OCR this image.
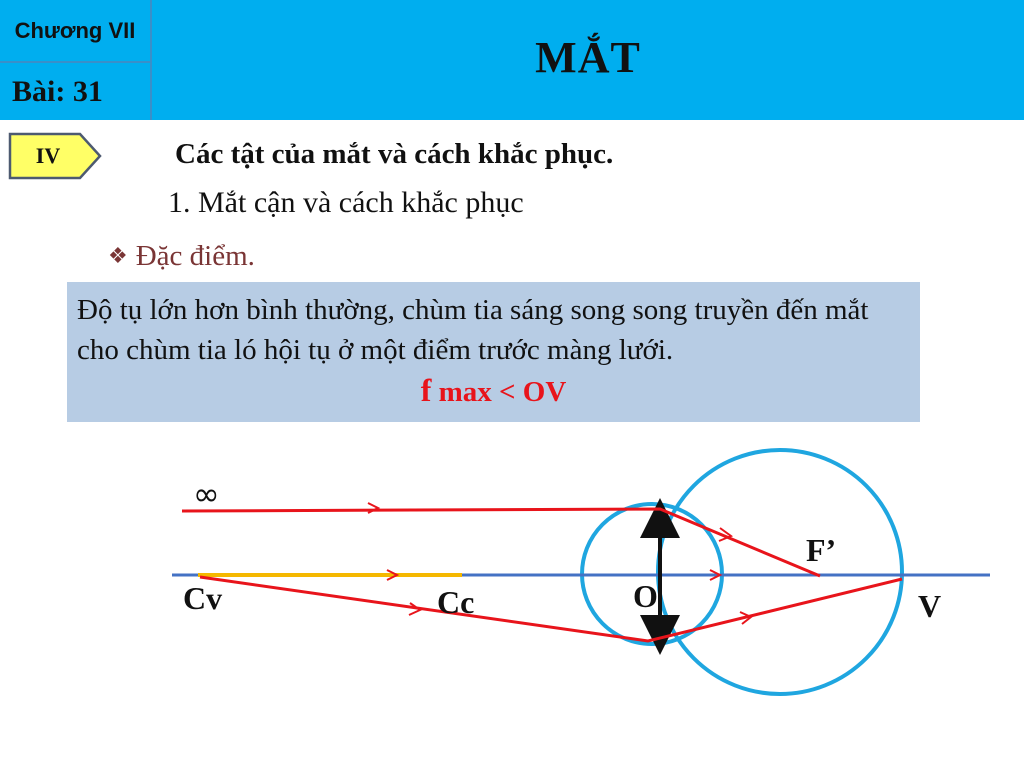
Chương VII
Bài: 31
MẮT
IV	Các tật của mắt và cách khắc phục.
1. Mắt cận và cách khắc phục
❖ Đặc điểm.
Độ tụ lớn hơn bình thường, chùm tia sáng song song truyền đến mắt cho chùm tia ló hội tụ ở một điểm trước màng lưới.
f max < OV
∞
F’
Cv	Cc	O	V
